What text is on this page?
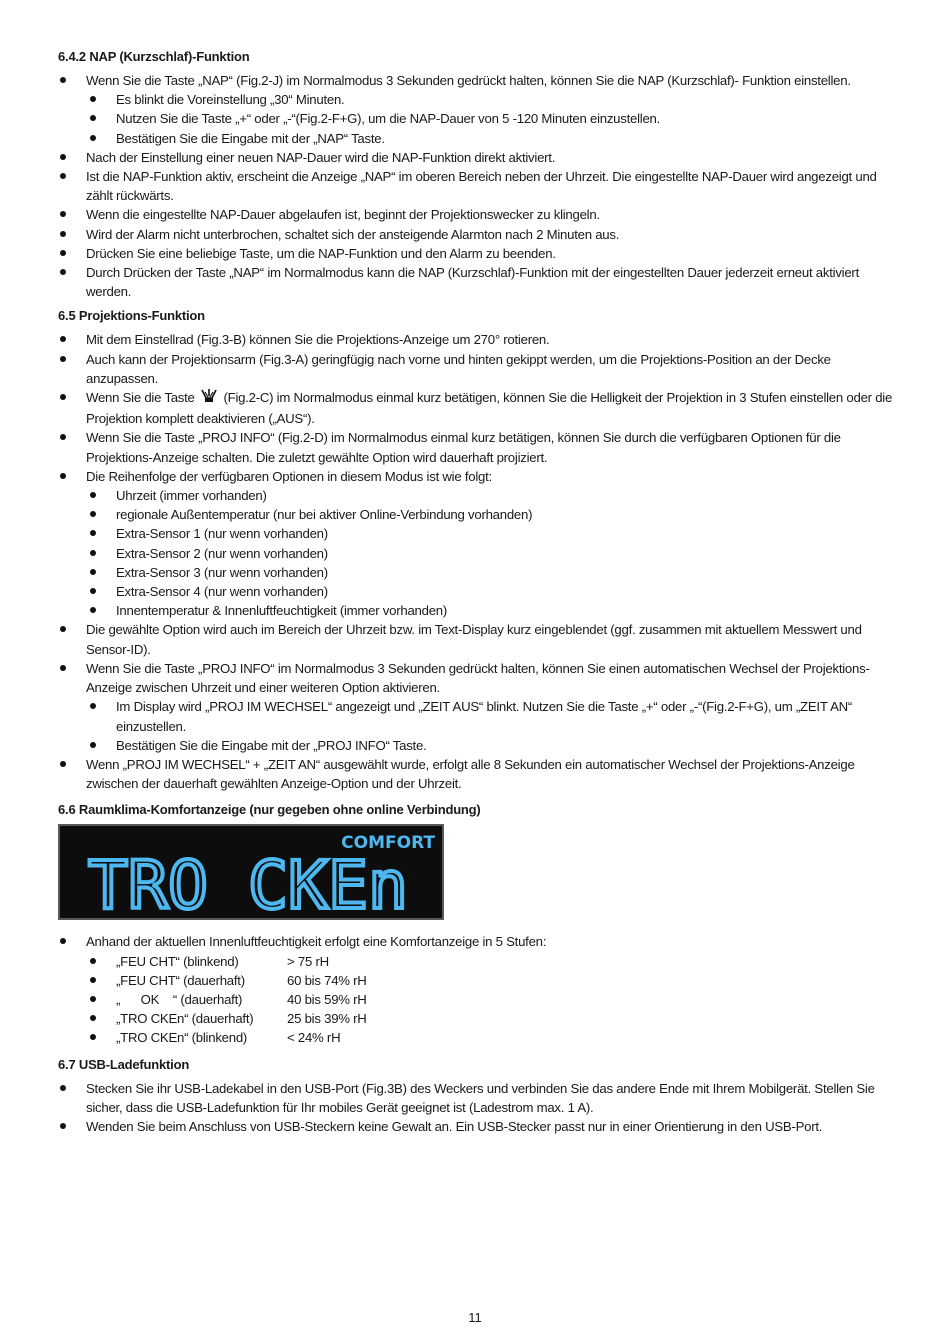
6.4.2 NAP (Kurzschlaf)-Funktion
Wenn Sie die Taste „NAP“ (Fig.2-J) im Normalmodus 3 Sekunden gedrückt halten, können Sie die NAP (Kurzschlaf)- Funktion einstellen.
Es blinkt die Voreinstellung „30“ Minuten.
Nutzen Sie die Taste „+“ oder „-“(Fig.2-F+G), um die NAP-Dauer von 5 -120 Minuten einzustellen.
Bestätigen Sie die Eingabe mit der „NAP“ Taste.
Nach der Einstellung einer neuen NAP-Dauer wird die NAP-Funktion direkt aktiviert.
Ist die NAP-Funktion aktiv, erscheint die Anzeige „NAP“ im oberen Bereich neben der Uhrzeit. Die eingestellte NAP-Dauer wird angezeigt und zählt rückwärts.
Wenn die eingestellte NAP-Dauer abgelaufen ist, beginnt der Projektionswecker zu klingeln.
Wird der Alarm nicht unterbrochen, schaltet sich der ansteigende Alarmton nach 2 Minuten aus.
Drücken Sie eine beliebige Taste, um die NAP-Funktion und den Alarm zu beenden.
Durch Drücken der Taste „NAP“ im Normalmodus kann die NAP (Kurzschlaf)-Funktion mit der eingestellten Dauer jederzeit erneut aktiviert werden.
6.5 Projektions-Funktion
Mit dem Einstellrad (Fig.3-B) können Sie die Projektions-Anzeige um 270° rotieren.
Auch kann der Projektionsarm (Fig.3-A) geringfügig nach vorne und hinten gekippt werden, um die Projektions-Position an der Decke anzupassen.
Wenn Sie die Taste (Fig.2-C) im Normalmodus einmal kurz betätigen, können Sie die Helligkeit der Projektion in 3 Stufen einstellen oder die Projektion komplett deaktivieren („AUS“).
Wenn Sie die Taste „PROJ INFO“ (Fig.2-D) im Normalmodus einmal kurz betätigen, können Sie durch die verfügbaren Optionen für die Projektions-Anzeige schalten. Die zuletzt gewählte Option wird dauerhaft projiziert.
Die Reihenfolge der verfügbaren Optionen in diesem Modus ist wie folgt:
Uhrzeit (immer vorhanden)
regionale Außentemperatur (nur bei aktiver Online-Verbindung vorhanden)
Extra-Sensor 1 (nur wenn vorhanden)
Extra-Sensor 2 (nur wenn vorhanden)
Extra-Sensor 3 (nur wenn vorhanden)
Extra-Sensor 4 (nur wenn vorhanden)
Innentemperatur & Innenluftfeuchtigkeit (immer vorhanden)
Die gewählte Option wird auch im Bereich der Uhrzeit bzw. im Text-Display kurz eingeblendet (ggf. zusammen mit aktuellem Messwert und Sensor-ID).
Wenn Sie die Taste „PROJ INFO“ im Normalmodus 3 Sekunden gedrückt halten, können Sie einen automatischen Wechsel der Projektions-Anzeige zwischen Uhrzeit und einer weiteren Option aktivieren.
Im Display wird „PROJ IM WECHSEL“ angezeigt und „ZEIT AUS“ blinkt. Nutzen Sie die Taste „+“ oder „-“(Fig.2-F+G), um „ZEIT AN“ einzustellen.
Bestätigen Sie die Eingabe mit der „PROJ INFO“ Taste.
Wenn „PROJ IM WECHSEL“ + „ZEIT AN“ ausgewählt wurde, erfolgt alle 8 Sekunden ein automatischer Wechsel der Projektions-Anzeige zwischen der dauerhaft gewählten Anzeige-Option und der Uhrzeit.
6.6 Raumklima-Komfortanzeige (nur gegeben ohne online Verbindung)
COMFORT
TRO CKEn
Anhand der aktuellen Innenluftfeuchtigkeit erfolgt eine Komfortanzeige in 5 Stufen:
„FEU CHT“ (blinkend)	> 75 rH
„FEU CHT“ (dauerhaft)	60 bis 74% rH
„      OK    “ (dauerhaft)	40 bis 59% rH
„TRO CKEn“ (dauerhaft)	25 bis 39% rH
„TRO CKEn“ (blinkend)	< 24% rH
6.7 USB-Ladefunktion
Stecken Sie ihr USB-Ladekabel in den USB-Port (Fig.3B) des Weckers und verbinden Sie das andere Ende mit Ihrem Mobilgerät. Stellen Sie sicher, dass die USB-Ladefunktion für Ihr mobiles Gerät geeignet ist (Ladestrom max. 1 A).
Wenden Sie beim Anschluss von USB-Steckern keine Gewalt an. Ein USB-Stecker passt nur in einer Orientierung in den USB-Port.
11
